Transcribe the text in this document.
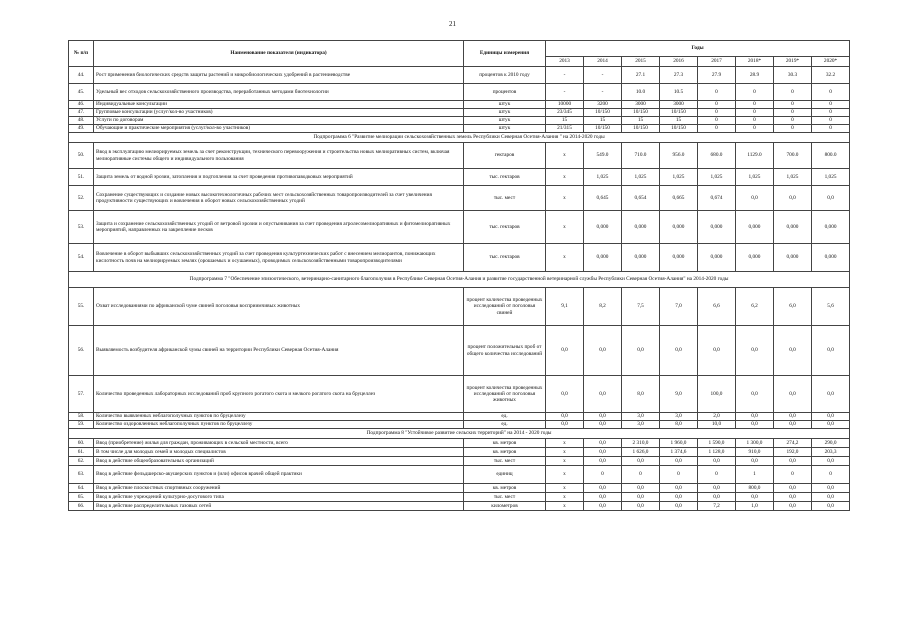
21
№ п/п	Наименование показателя (индикатора)	Единицы измерения	Годы							
			2013	2014	2015	2016	2017	2018*	2019*	2020*
44.	Рост применения биологических средств защиты растений и микробиологических удобрений в растениеводстве	процентов к 2010 году	-	-	27.1	27.3	27.9	28.9	30.3	32.2
45.	Удельный вес отходов сельскохозяйственного производства, переработанных методами биотехнологии	процентов	-	-	10.0	10.5	0	0	0	0
46.	Индивидуальные консультации	штук	10000	3200	3000	3000	0	0	0	0
47.	Групповые консультации (услуг/кол-во участников)	штук	23/345	10/150	10/150	10/150	0	0	0	0
48.	Услуги по договорам	штук	15	15	15	15	0	0	0	0
49.	Обучающие и практические мероприятия (услуг/кол-во участников)	штук	21/315	10/150	10/150	10/150	0	0	0	0
Подпрограмма 6 "Развитие мелиорации сельскохозяйственных земель Республики Северная Осетия-Алания " на 2014-2020 годы										
50.	Ввод в эксплуатацию мелиорируемых земель за счет реконструкции, технического перевооружения и строительства новых мелиоративных систем, включая мелиоративные системы общего и индивидуального пользования	гектаров	х	549.0	710.0	956.0	680.0	1129.0	700.0	800.0
51.	Защита земель от водной эрозии, затопления и подтопления за счет проведения противопаводковых мероприятий	тыс. гектаров	х	1,025	1,025	1,025	1,025	1,025	1,025	1,025
52.	Сохранение существующих и создание новых высокотехнологичных рабочих мест сельскохозяйственных товаропроизводителей за счет увеличения продуктивности существующих и вовлечения в оборот новых сельскохозяйственных угодий	тыс. мест	х	0,645	0,654	0,665	0,674	0,0	0,0	0,0
53.	Защита и сохранение сельскохозяйственных угодий от ветровой эрозии и опустынивания за счет проведения агролесомелиоративных и фитомелиоративных мероприятий, направленных на закрепление песков	тыс. гектаров	х	0,000	0,000	0,000	0,000	0,000	0,000	0,000
54.	Вовлечение в оборот выбывших сельскохозяйственных угодий за счет проведения культуртехнических работ с внесением мелиорантов, понижающих кислотность почв на мелиорируемых землях (орошаемых и осушаемых), проводимых сельскохозяйственными товаропроизводителями	тыс. гектаров	х	0,000	0,000	0,000	0,000	0,000	0,000	0,000
Подпрограмма 7 "Обеспечение эпизоотического, ветеринарно-санитарного благополучия в Республике Северная Осетия-Алания и развитие государственной ветеринарной службы Республики Северная Осетия-Алания" на 2014-2020 годы										
55.	Охват исследованиями по африканской чуме свиней поголовья восприимчивых животных	процент количества проведенных исследований от поголовья свиней	9,1	8,2	7,5	7,0	6,6	6,2	6,0	5,6
56.	Выявляемость возбудителя африканской чумы свиней на территории Республики Северная Осетия-Алания	процент положительных проб от общего количества исследований	0,0	0,0	0,0	0,0	0,0	0,0	0,0	0,0
57.	Количество проведенных лабораторных исследований проб крупного рогатого скота и мелкого рогатого скота на бруцеллез	процент количества проведенных исследований от поголовья животных	0,0	0,0	8,0	9,0	100,0	0,0	0,0	0,0
58.	Количество выявленных неблагополучных пунктов по бруцеллезу	ед.	0,0	0,0	3,0	3,0	2,0	0,0	0,0	0,0
59.	Количество оздоровленных неблагополучных пунктов по бруцеллезу	ед.	0,0	0,0	3,0	8,0	10,0	0,0	0,0	0,0
Подпрограмма 8 "Устойчивое развитие сельских территорий" на 2014 - 2020 годы										
60.	Ввод (приобретение) жилья для граждан, проживающих в сельской местности, всего	кв. метров	х	0,0	2 310,0	1 960,0	1 590,0	1 300,0	274,2	290,0
61.	В том числе для молодых семей и молодых специалистов	кв. метров	х	0,0	1 626,0	1 374,6	1 128,0	910,0	192,0	203,3
62.	Ввод в действие общеобразовательных организаций	тыс. мест	х	0,0	0,0	0,0	0,0	0,0	0,0	0,0
63.	Ввод в действие фельдшерско-акушерских пунктов и (или) офисов врачей общей практики	единиц	х	0	0	0	0	1	0	0
64.	Ввод в действие плоскостных спортивных сооружений	кв. метров	х	0,0	0,0	0,0	0,0	800,0	0,0	0,0
65.	Ввод в действие учреждений культурно-досугового типа	тыс. мест	х	0,0	0,0	0,0	0,0	0,0	0,0	0,0
66.	Ввод в действие распределительных газовых сетей	километров	х	0,0	0,0	0,0	7,2	1,0	0,0	0,0
